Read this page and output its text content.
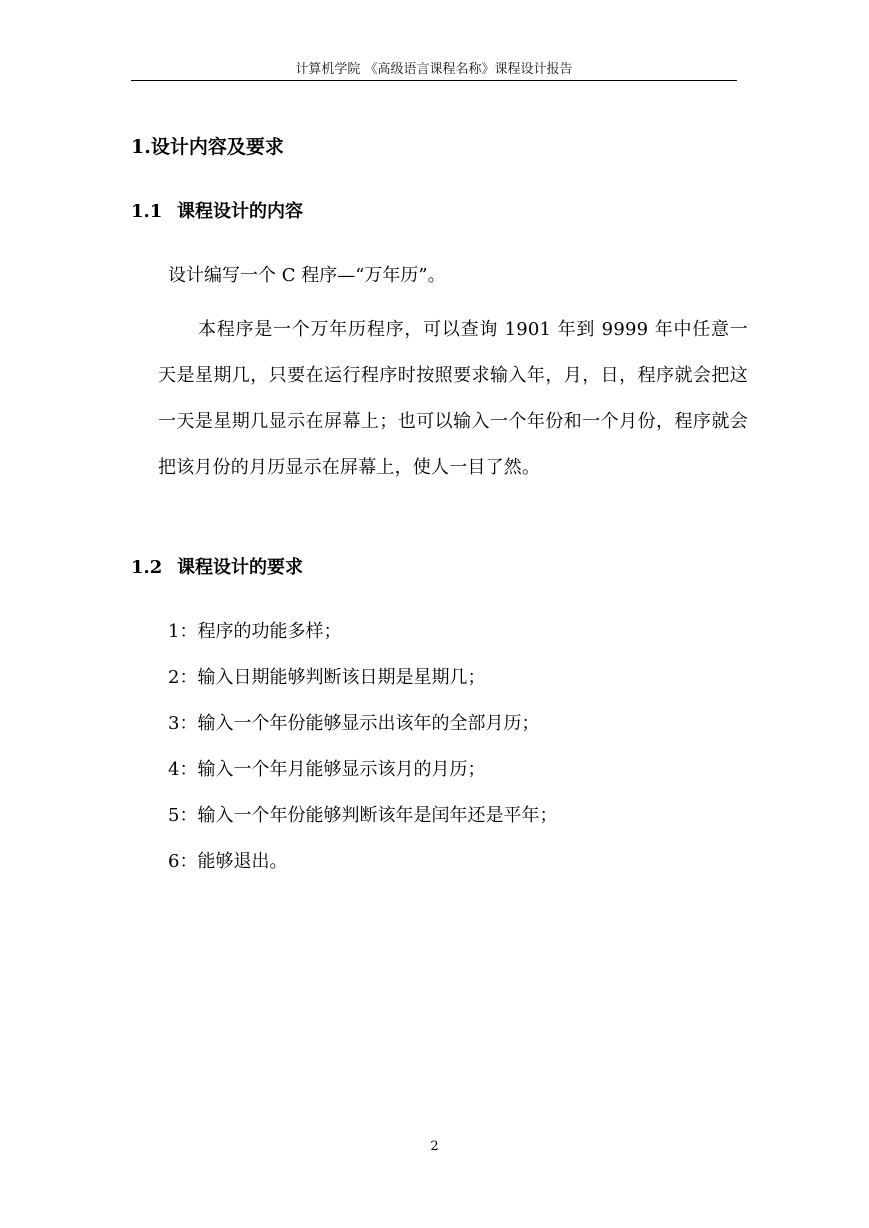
计算机学院 《高级语言课程名称》课程设计报告
1.设计内容及要求
1.1 课程设计的内容
设计编写一个 C 程序—“万年历”。
本程序是一个万年历程序，可以查询 1901 年到 9999 年中任意一天是星期几，只要在运行程序时按照要求输入年，月，日，程序就会把这一天是星期几显示在屏幕上；也可以输入一个年份和一个月份，程序就会把该月份的月历显示在屏幕上，使人一目了然。
1.2 课程设计的要求
1：程序的功能多样；
2：输入日期能够判断该日期是星期几；
3：输入一个年份能够显示出该年的全部月历；
4：输入一个年月能够显示该月的月历；
5：输入一个年份能够判断该年是闰年还是平年；
6：能够退出。
2
